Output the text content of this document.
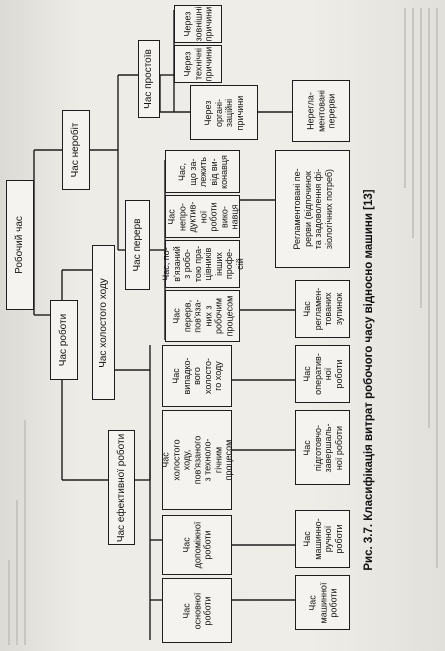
Робочий час
Час роботи
Час неробіт
Час ефективної роботи
Час холостого ходу
Час перерв
Час простоїв
Час основної роботи
Час допоміжної роботи
Час холостого ходу, пов'язаного з техноло- гічним процесом
Час випадко- вого холосто- го ходу
Час перерв, пов'яза- них з робочим процесом
Час, по- в'язаний з робо- тою пра- цівників інших профе- сій
Час непро- дуктив- ної роботи вико- навця
Час, що за- лежить від ви- конавця
Через органі- заційні причини
Через технічні причини
Через зовнішні причини
Час машинної роботи
Час машинно- ручної роботи
Час підготовчо- завершаль- ної роботи
Час оператив- ної роботи
Час регламен- тованих зупинок
Регламентовані пе- рерви (відпочинок та задоволення фі- зіологічних потреб)
Нерегла- ментовані перерви
Рис. 3.7. Класифікація витрат робочого часу відносно машини [13]
